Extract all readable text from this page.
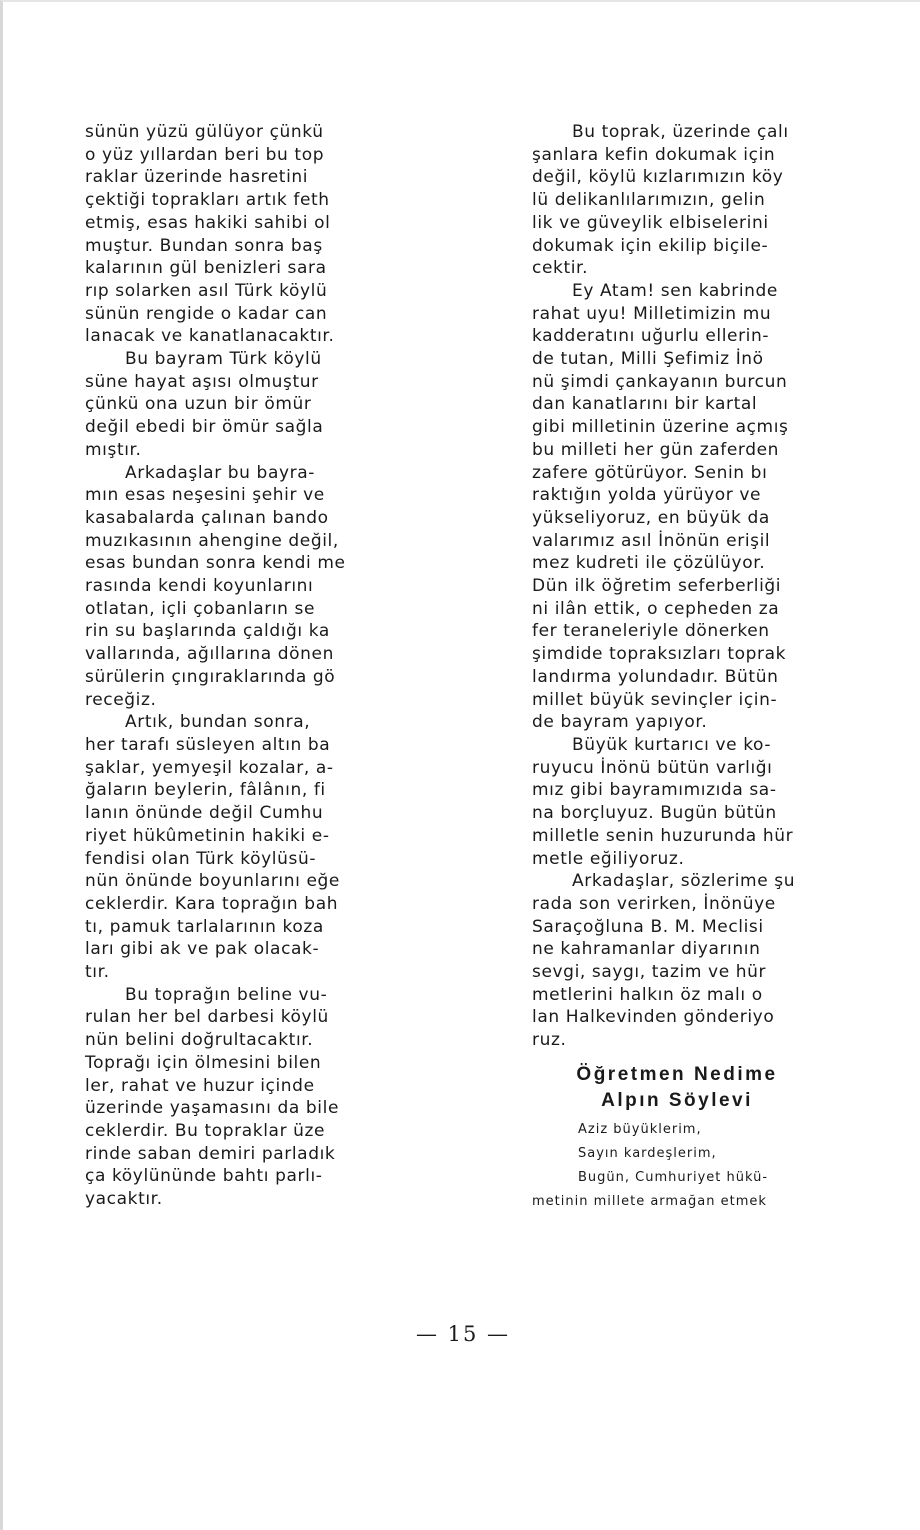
sünün yüzü gülüyor çünkü
o yüz yıllardan beri bu top
raklar üzerinde hasretini
çektiği toprakları artık feth
etmiş, esas hakiki sahibi ol
muştur. Bundan sonra baş
kalarının gül benizleri sara
rıp solarken asıl Türk köylü
sünün rengide o kadar can
lanacak ve kanatlanacaktır.
Bu bayram Türk köylü
süne hayat aşısı olmuştur
çünkü ona uzun bir ömür
değil ebedi bir ömür sağla
mıştır.
Arkadaşlar bu bayra-
mın esas neşesini şehir ve
kasabalarda çalınan bando
muzıkasının ahengine değil,
esas bundan sonra kendi me
rasında kendi koyunlarını
otlatan, içli çobanların se
rin su başlarında çaldığı ka
vallarında, ağıllarına dönen
sürülerin çıngıraklarında gö
receğiz.
Artık, bundan sonra,
her tarafı süsleyen altın ba
şaklar, yemyeşil kozalar, a-
ğaların beylerin, fâlânın, fi
lanın önünde değil Cumhu
riyet hükûmetinin hakiki e-
fendisi olan Türk köylüsü-
nün önünde boyunlarını eğe
ceklerdir. Kara toprağın bah
tı, pamuk tarlalarının koza
ları gibi ak ve pak olacak-
tır.
Bu toprağın beline vu-
rulan her bel darbesi köylü
nün belini doğrultacaktır.
Toprağı için ölmesini bilen
ler, rahat ve huzur içinde
üzerinde yaşamasını da bile
ceklerdir. Bu topraklar üze
rinde saban demiri parladık
ça köylününde bahtı parlı-
yacaktır.
Bu toprak, üzerinde çalı
şanlara kefin dokumak için
değil, köylü kızlarımızın köy
lü delikanlılarımızın, gelin
lik ve güveylik elbiselerini
dokumak için ekilip biçile-
cektir.
Ey Atam! sen kabrinde
rahat uyu! Milletimizin mu
kadderatını uğurlu ellerin-
de tutan, Milli Şefimiz İnö
nü şimdi çankayanın burcun
dan kanatlarını bir kartal
gibi milletinin üzerine açmış
bu milleti her gün zaferden
zafere götürüyor. Senin bı
raktığın yolda yürüyor ve
yükseliyoruz, en büyük da
valarımız asıl İnönün erişil
mez kudreti ile çözülüyor.
Dün ilk öğretim seferberliği
ni ilân ettik, o cepheden za
fer teraneleriyle dönerken
şimdide topraksızları toprak
landırma yolundadır. Bütün
millet büyük sevinçler için-
de bayram yapıyor.
Büyük kurtarıcı ve ko-
ruyucu İnönü bütün varlığı
mız gibi bayramımızıda sa-
na borçluyuz. Bugün bütün
milletle senin huzurunda hür
metle eğiliyoruz.
Arkadaşlar, sözlerime şu
rada son verirken, İnönüye
Saraçoğluna B. M. Meclisi
ne kahramanlar diyarının
sevgi, saygı, tazim ve hür
metlerini halkın öz malı o
lan Halkevinden gönderiyo
ruz.
Öğretmen Nedime
Alpın Söylevi
Aziz büyüklerim,
Sayın kardeşlerim,
Bugün, Cumhuriyet hükü-
metinin millete armağan etmek
— 15 —
